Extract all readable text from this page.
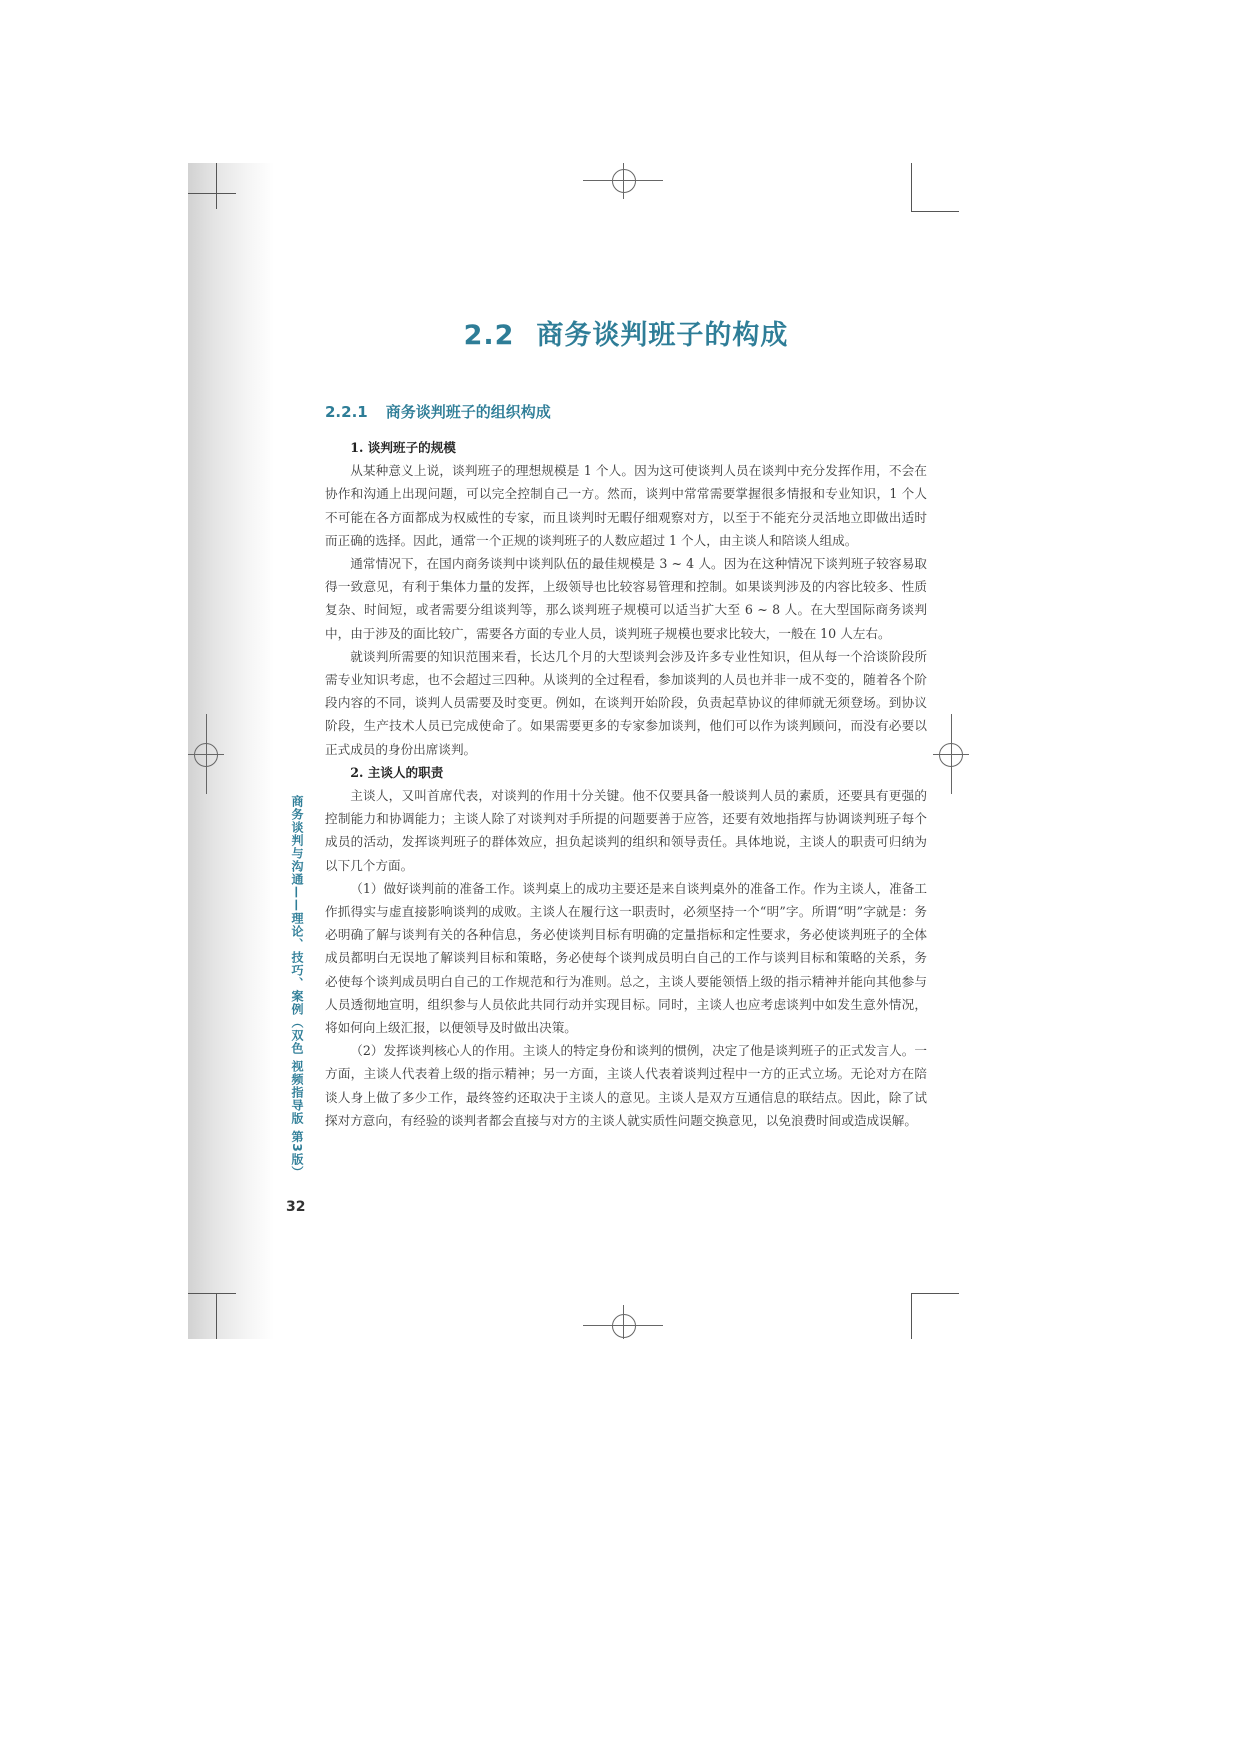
2.2 商务谈判班子的构成
2.2.1 商务谈判班子的组织构成

1. 谈判班子的规模

从某种意义上说，谈判班子的理想规模是 1 个人。因为这可使谈判人员在谈判中充分发挥作用，不会在协作和沟通上出现问题，可以完全控制自己一方。然而，谈判中常常需要掌握很多情报和专业知识，1 个人不可能在各方面都成为权威性的专家，而且谈判时无暇仔细观察对方，以至于不能充分灵活地立即做出适时而正确的选择。因此，通常一个正规的谈判班子的人数应超过 1 个人，由主谈人和陪谈人组成。

通常情况下，在国内商务谈判中谈判队伍的最佳规模是 3 ~ 4 人。因为在这种情况下谈判班子较容易取得一致意见，有利于集体力量的发挥，上级领导也比较容易管理和控制。如果谈判涉及的内容比较多、性质复杂、时间短，或者需要分组谈判等，那么谈判班子规模可以适当扩大至 6 ~ 8 人。在大型国际商务谈判中，由于涉及的面比较广，需要各方面的专业人员，谈判班子规模也要求比较大，一般在 10 人左右。

就谈判所需要的知识范围来看，长达几个月的大型谈判会涉及许多专业性知识，但从每一个洽谈阶段所需专业知识考虑，也不会超过三四种。从谈判的全过程看，参加谈判的人员也并非一成不变的，随着各个阶段内容的不同，谈判人员需要及时变更。例如，在谈判开始阶段，负责起草协议的律师就无须登场。到协议阶段，生产技术人员已完成使命了。如果需要更多的专家参加谈判，他们可以作为谈判顾问，而没有必要以正式成员的身份出席谈判。

2. 主谈人的职责

主谈人，又叫首席代表，对谈判的作用十分关键。他不仅要具备一般谈判人员的素质，还要具有更强的控制能力和协调能力；主谈人除了对谈判对手所提的问题要善于应答，还要有效地指挥与协调谈判班子每个成员的活动，发挥谈判班子的群体效应，担负起谈判的组织和领导责任。具体地说，主谈人的职责可归纳为以下几个方面。

（1）做好谈判前的准备工作。谈判桌上的成功主要还是来自谈判桌外的准备工作。作为主谈人，准备工作抓得实与虚直接影响谈判的成败。主谈人在履行这一职责时，必须坚持一个“明”字。所谓“明”字就是：务必明确了解与谈判有关的各种信息，务必使谈判目标有明确的定量指标和定性要求，务必使谈判班子的全体成员都明白无误地了解谈判目标和策略，务必使每个谈判成员明白自己的工作与谈判目标和策略的关系，务必使每个谈判成员明白自己的工作规范和行为准则。总之，主谈人要能领悟上级的指示精神并能向其他参与人员透彻地宣明，组织参与人员依此共同行动并实现目标。同时，主谈人也应考虑谈判中如发生意外情况，将如何向上级汇报，以便领导及时做出决策。

（2）发挥谈判核心人的作用。主谈人的特定身份和谈判的惯例，决定了他是谈判班子的正式发言人。一方面，主谈人代表着上级的指示精神；另一方面，主谈人代表着谈判过程中一方的正式立场。无论对方在陪谈人身上做了多少工作，最终签约还取决于主谈人的意见。主谈人是双方互通信息的联结点。因此，除了试探对方意向，有经验的谈判者都会直接与对方的主谈人就实质性问题交换意见，以免浪费时间或造成误解。

商务谈判与沟通——理论、技巧、案例（双色 视频指导版 第3版）
32
